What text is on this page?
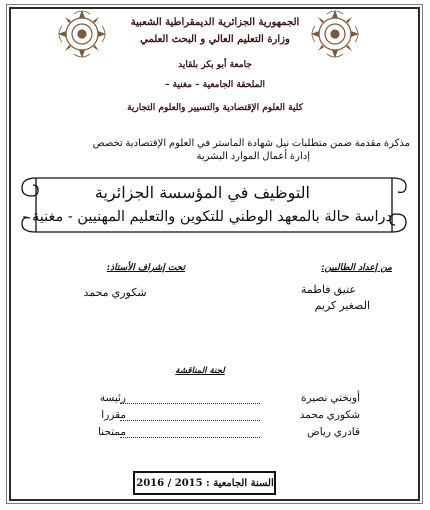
الجمهورية الجزائرية الديمقراطية الشعبية
وزارة التعليم العالي و البحث العلمي
جامعة أبو بكر بلقايد
الملحقة الجامعية – مغنية –
كلية العلوم الإقتصادية والتسيير والعلوم التجارية
مذكرة مقدمة ضمن متطلبات نيل شهادة الماستر في العلوم الإقتصادية تخصص
إدارة أعمال الموارد البشرية
التوظيف في المؤسسة الجزائرية
دراسة حالة بالمعهد الوطني للتكوين والتعليم المهنيين - مغنية -
من إعداد الطالبين:
عتيق فاطمة
الصغير كريم
تحت إشراف الأستاذ:
شكوري محمد
لجنة المناقشة
أوبختي نصيرة
رئيسة
شكوري محمد
مقررا
قادري رياض
ممتحنا
السنة الجامعية : 2015 / 2016
